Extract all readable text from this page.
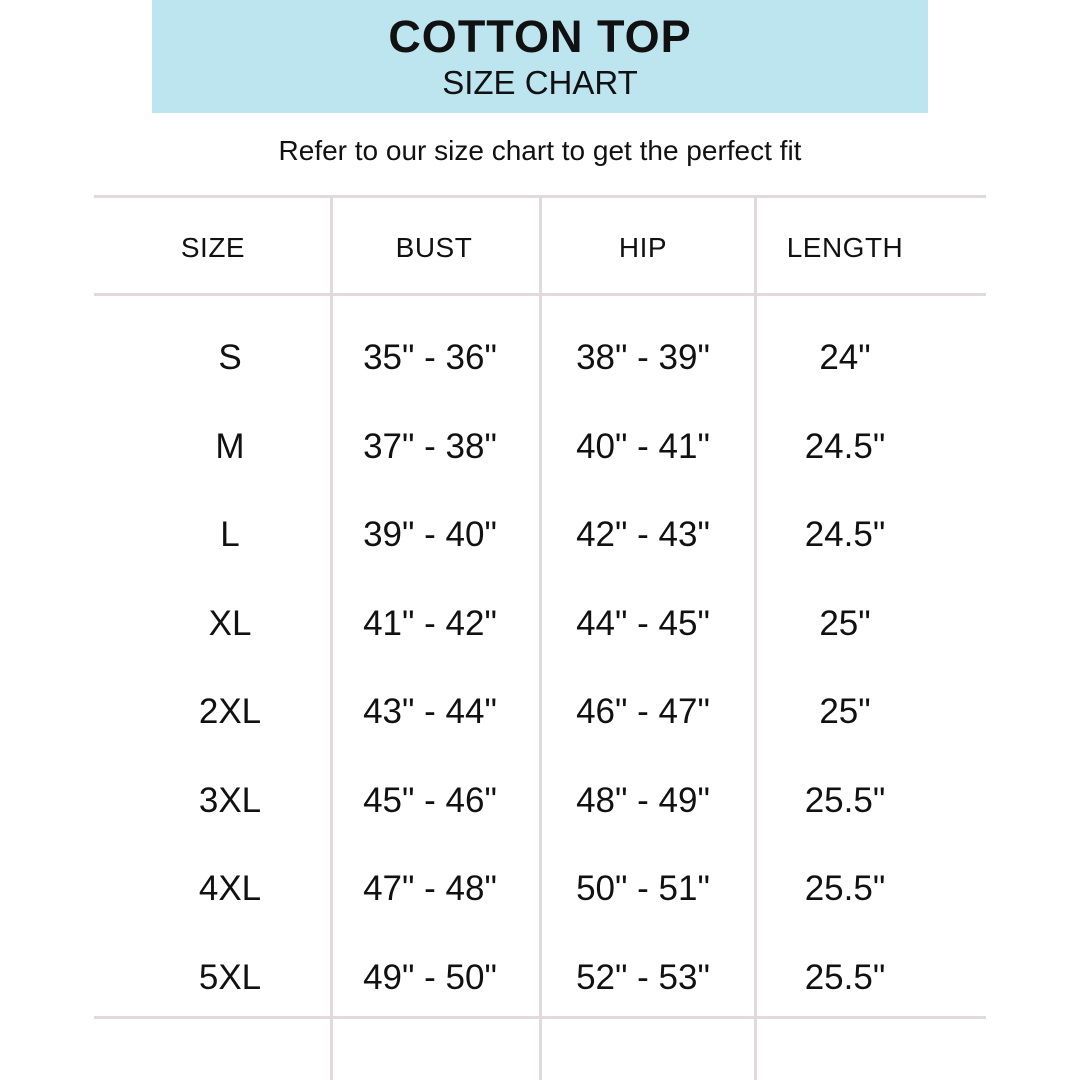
COTTON TOP
SIZE CHART
Refer to our size chart to get the perfect fit
SIZE	BUST	HIP	LENGTH
S	35" - 36"	38" - 39"	24"
M	37" - 38"	40" - 41"	24.5"
L	39" - 40"	42" - 43"	24.5"
XL	41" - 42"	44" - 45"	25"
2XL	43" - 44"	46" - 47"	25"
3XL	45" - 46"	48" - 49"	25.5"
4XL	47" - 48"	50" - 51"	25.5"
5XL	49" - 50"	52" - 53"	25.5"
